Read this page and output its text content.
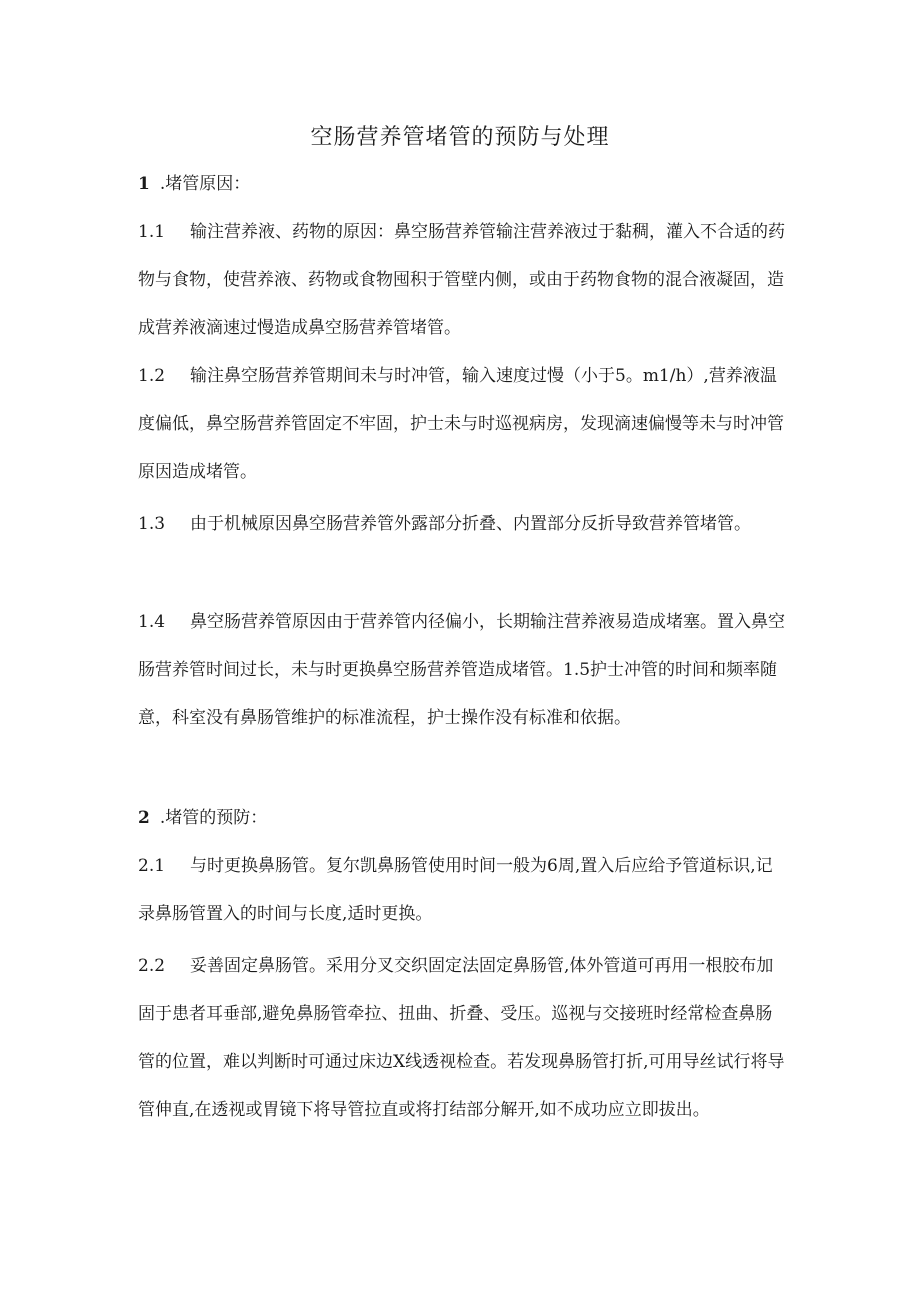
空肠营养管堵管的预防与处理

1 .堵管原因：

1.1 输注营养液、药物的原因：鼻空肠营养管输注营养液过于黏稠，灌入不合适的药物与食物，使营养液、药物或食物囤积于管壁内侧，或由于药物食物的混合液凝固，造成营养液滴速过慢造成鼻空肠营养管堵管。

1.2 输注鼻空肠营养管期间未与时冲管，输入速度过慢（小于5。m1/h）,营养液温度偏低，鼻空肠营养管固定不牢固，护士未与时巡视病房，发现滴速偏慢等未与时冲管原因造成堵管。

1.3 由于机械原因鼻空肠营养管外露部分折叠、内置部分反折导致营养管堵管。

1.4 鼻空肠营养管原因由于营养管内径偏小，长期输注营养液易造成堵塞。置入鼻空肠营养管时间过长，未与时更换鼻空肠营养管造成堵管。1.5护士冲管的时间和频率随意，科室没有鼻肠管维护的标准流程，护士操作没有标准和依据。

2 .堵管的预防：

2.1 与时更换鼻肠管。复尔凯鼻肠管使用时间一般为6周,置入后应给予管道标识,记录鼻肠管置入的时间与长度,适时更换。

2.2 妥善固定鼻肠管。采用分叉交织固定法固定鼻肠管,体外管道可再用一根胶布加固于患者耳垂部,避免鼻肠管牵拉、扭曲、折叠、受压。巡视与交接班时经常检查鼻肠管的位置，难以判断时可通过床边X线透视检查。若发现鼻肠管打折,可用导丝试行将导管伸直,在透视或胃镜下将导管拉直或将打结部分解开,如不成功应立即拔出。
